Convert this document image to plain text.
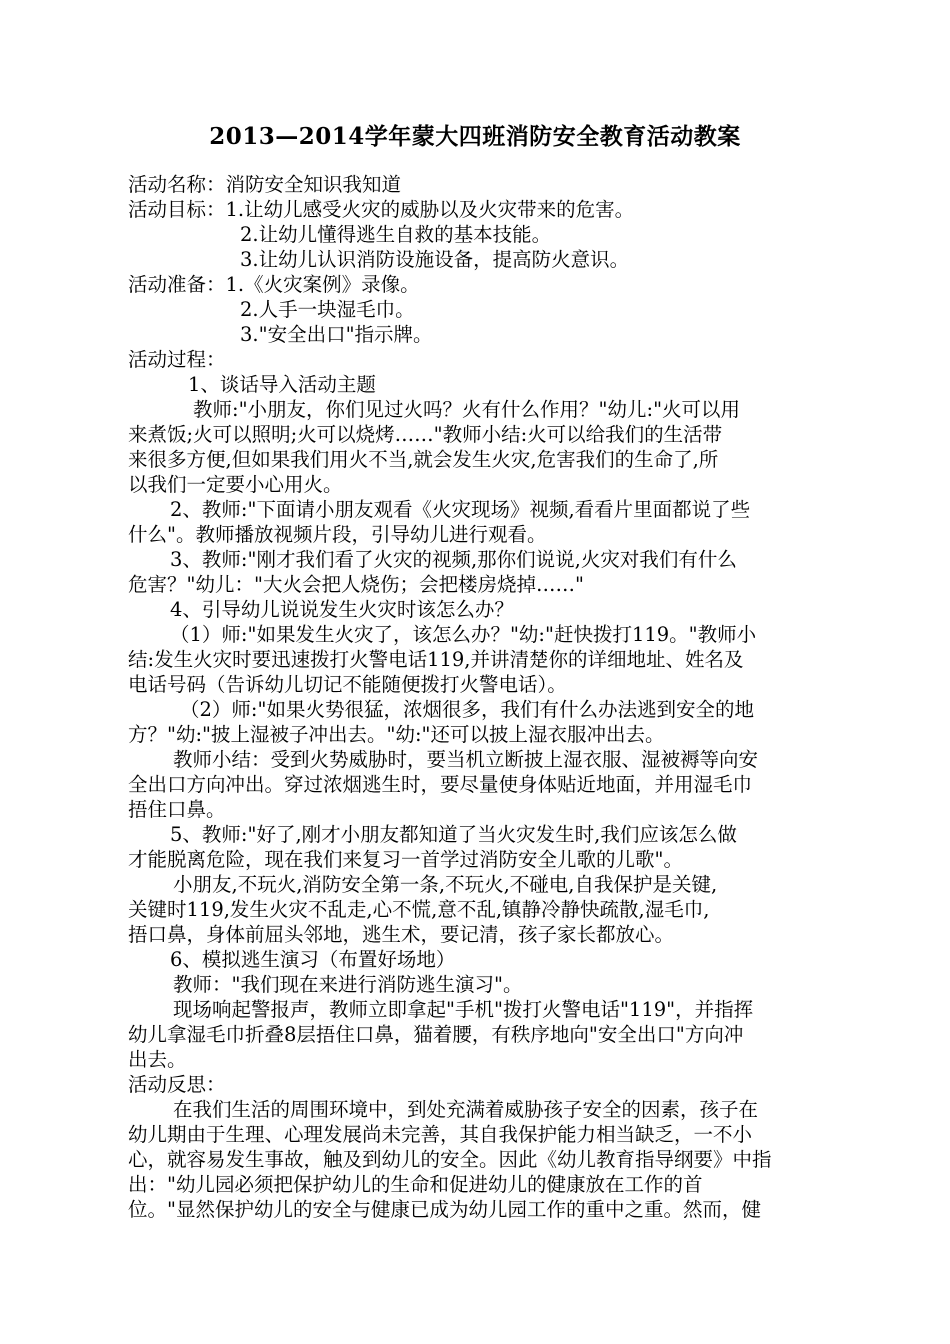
2013—2014学年蒙大四班消防安全教育活动教案
活动名称：消防安全知识我知道
活动目标：1.让幼儿感受火灾的威胁以及火灾带来的危害。
2.让幼儿懂得逃生自救的基本技能。
3.让幼儿认识消防设施设备，提高防火意识。
活动准备：1.《火灾案例》录像。
2.人手一块湿毛巾。
3."安全出口"指示牌。
活动过程：
1、谈话导入活动主题
教师:"小朋友，你们见过火吗？火有什么作用？"幼儿:"火可以用
来煮饭;火可以照明;火可以烧烤……"教师小结:火可以给我们的生活带
来很多方便,但如果我们用火不当,就会发生火灾,危害我们的生命了,所
以我们一定要小心用火。
2、教师:"下面请小朋友观看《火灾现场》视频,看看片里面都说了些
什么"。教师播放视频片段，引导幼儿进行观看。
3、教师:"刚才我们看了火灾的视频,那你们说说,火灾对我们有什么
危害？"幼儿："大火会把人烧伤；会把楼房烧掉……"
4、引导幼儿说说发生火灾时该怎么办？
（1）师:"如果发生火灾了，该怎么办？"幼:"赶快拨打119。"教师小
结:发生火灾时要迅速拨打火警电话119,并讲清楚你的详细地址、姓名及
电话号码（告诉幼儿切记不能随便拨打火警电话）。
（2）师:"如果火势很猛，浓烟很多，我们有什么办法逃到安全的地
方？"幼:"披上湿被子冲出去。"幼:"还可以披上湿衣服冲出去。
教师小结：受到火势威胁时，要当机立断披上湿衣服、湿被褥等向安
全出口方向冲出。穿过浓烟逃生时，要尽量使身体贴近地面，并用湿毛巾
捂住口鼻。
5、教师:"好了,刚才小朋友都知道了当火灾发生时,我们应该怎么做
才能脱离危险，现在我们来复习一首学过消防安全儿歌的儿歌"。
小朋友,不玩火,消防安全第一条,不玩火,不碰电,自我保护是关键,
关键时119,发生火灾不乱走,心不慌,意不乱,镇静冷静快疏散,湿毛巾,
捂口鼻，身体前屈头邻地，逃生术，要记清，孩子家长都放心。
6、模拟逃生演习（布置好场地）
教师："我们现在来进行消防逃生演习"。
现场响起警报声，教师立即拿起"手机"拨打火警电话"119"，并指挥
幼儿拿湿毛巾折叠8层捂住口鼻，猫着腰，有秩序地向"安全出口"方向冲
出去。
活动反思：
在我们生活的周围环境中，到处充满着威胁孩子安全的因素，孩子在
幼儿期由于生理、心理发展尚未完善，其自我保护能力相当缺乏，一不小
心，就容易发生事故，触及到幼儿的安全。因此《幼儿教育指导纲要》中指
出："幼儿园必须把保护幼儿的生命和促进幼儿的健康放在工作的首
位。"显然保护幼儿的安全与健康已成为幼儿园工作的重中之重。然而，健
